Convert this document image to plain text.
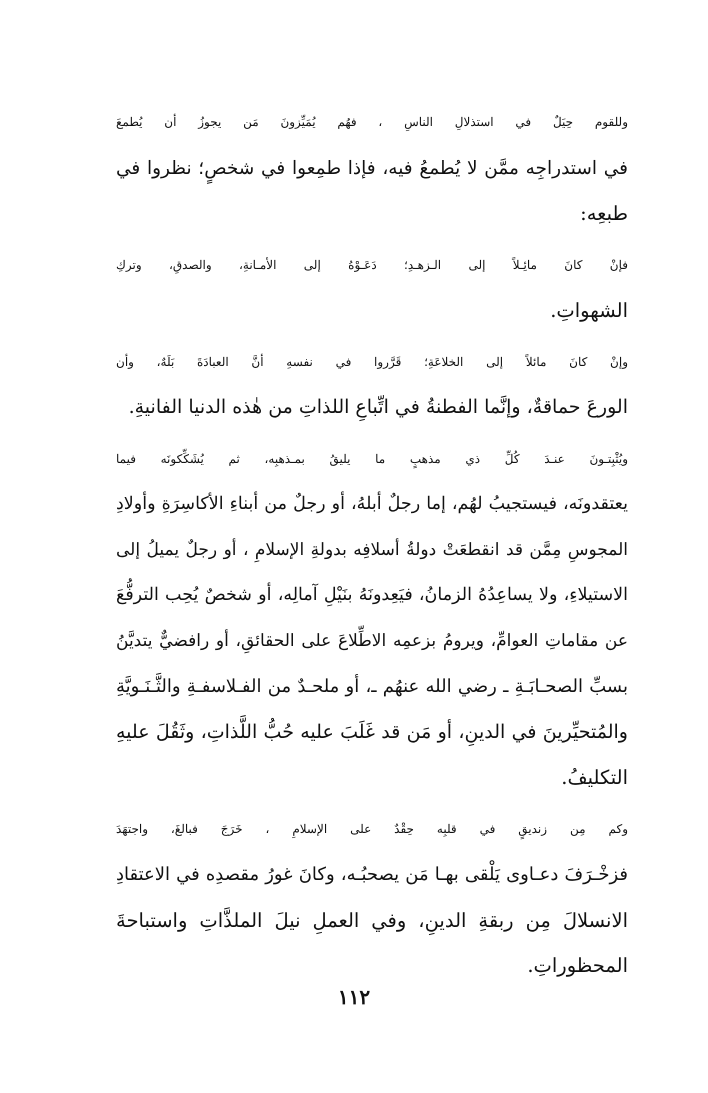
وللقوم حِيَلٌ في استذلالِ الناسِ ، فهُم يُمَيِّزونَ مَن يجوزُ أن يُطمعَ
في استدراجِه ممَّن لا يُطمعُ فيه، فإذا طمِعوا في شخصٍ؛ نظروا في
طبعِه:
فإنْ كانَ مائِـلاً إلى الـزهـدِ؛ دَعَـوْهُ إلى الأمـانةِ، والصدقِ، وتركِ
الشهواتِ.
وإنْ كانَ مائلاً إلى الخلاعَةِ؛ قَرَّروا في نفسهِ أنَّ العبادَةَ بَلَهٌ، وأن
الورعَ حماقةٌ، وإنَّما الفطنةُ في اتِّباعِ اللذاتِ من هٰذه الدنيا الفانيةِ.
ويُثْبِتـونَ عنـدَ كُلِّ ذي مذهبٍ ما يليقُ بمـذهبِه، ثم يُشَكِّكونَه فيما
يعتقدونَه، فيستجيبُ لهُم، إما رجلٌ أبلهُ، أو رجلٌ من أبناءِ الأكاسِرَةِ وأولادِ
المجوسِ مِمَّن قد انقطعَتْ دولةُ أسلافِه بدولةِ الإسلامِ ، أو رجلٌ يميلُ إلى
الاستيلاءِ، ولا يساعِدُهُ الزمانُ، فيَعِدونَهُ بنَيْلِ آمالِه، أو شخصٌ يُحِب الترفُّعَ
عن مقاماتِ العوامِّ، ويرومُ بزعمِه الاطِّلاعَ على الحقائقِ، أو رافضيٌّ يتديَّنُ
بسبِّ الصحـابَـةِ ـ رضي الله عنهُم ـ، أو ملحـدٌ من الفـلاسفـةِ والثَّـنَـويَّةِ
والمُتحيِّرينَ في الدينِ، أو مَن قد غَلَبَ عليه حُبُّ اللَّذاتِ، وثَقُلَ عليهِ
التكليفُ.
وكم مِن زنديقٍ في قلبِه حِقْدٌ على الإسلامِ ، خَرَجَ فبالغَ، واجتهَدَ
فزخْـرَفَ دعـاوى يَلْقى بهـا مَن يصحبُـه، وكانَ غورُ مقصدِه في الاعتقادِ
الانسلالَ مِن ربقةِ الدينِ، وفي العملِ نيلَ الملذَّاتِ واستباحةَ
المحظوراتِ.
١١٢
